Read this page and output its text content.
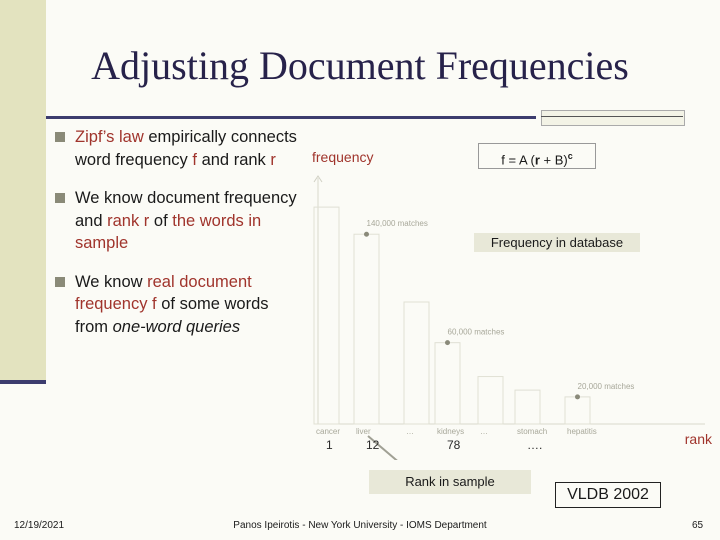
Adjusting Document Frequencies
Zipf’s law empirically connects word frequency f and rank r
We know document frequency and rank r of the words in sample
We know real document frequency f of some words from one-word queries
frequency
rank
cancer liver	…	kidneys …	stomach hepatitis
140,000 matches
60,000 matches
20,000 matches
1	12	78	….
f = A $(r + B)^c$
Frequency in database
Rank in sample
VLDB 2002
12/19/2021	Panos Ipeirotis - New York University - IOMS Department	65
